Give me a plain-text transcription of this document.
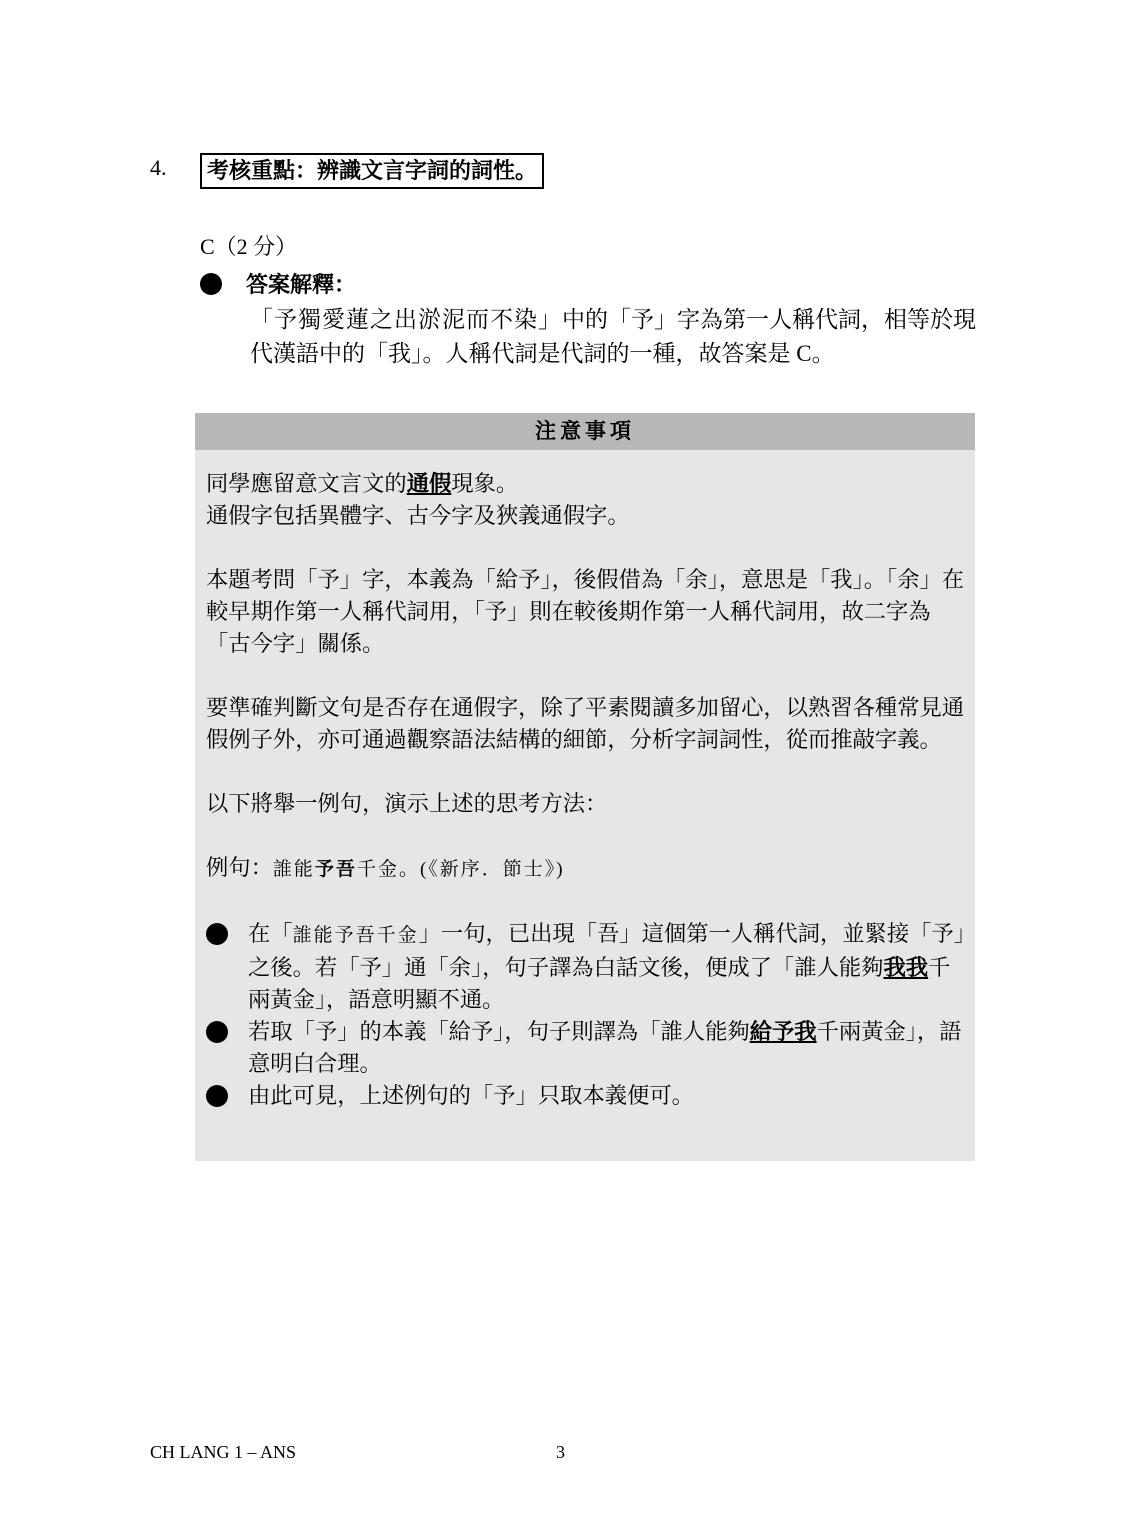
4.	考核重點：辨識文言字詞的詞性。
C（2 分）
答案解釋：
「予獨愛蓮之出淤泥而不染」中的「予」字為第一人稱代詞，相等於現代漢語中的「我」。人稱代詞是代詞的一種，故答案是 C。
注意事項

同學應留意文言文的通假現象。

通假字包括異體字、古今字及狹義通假字。

本題考問「予」字，本義為「給予」，後假借為「余」，意思是「我」。「余」在較早期作第一人稱代詞用，「予」則在較後期作第一人稱代詞用，故二字為「古今字」關係。

要準確判斷文句是否存在通假字，除了平素閱讀多加留心，以熟習各種常見通假例子外，亦可通過觀察語法結構的細節，分析字詞詞性，從而推敲字義。

以下將舉一例句，演示上述的思考方法：

例句：誰能予吾千金。(《新序．節士》)

在「誰能予吾千金」一句，已出現「吾」這個第一人稱代詞，並緊接「予」之後。若「予」通「余」，句子譯為白話文後，便成了「誰人能夠我我千兩黃金」，語意明顯不通。
若取「予」的本義「給予」，句子則譯為「誰人能夠給予我千兩黃金」，語意明白合理。
由此可見，上述例句的「予」只取本義便可。
CH LANG 1 – ANS	3
